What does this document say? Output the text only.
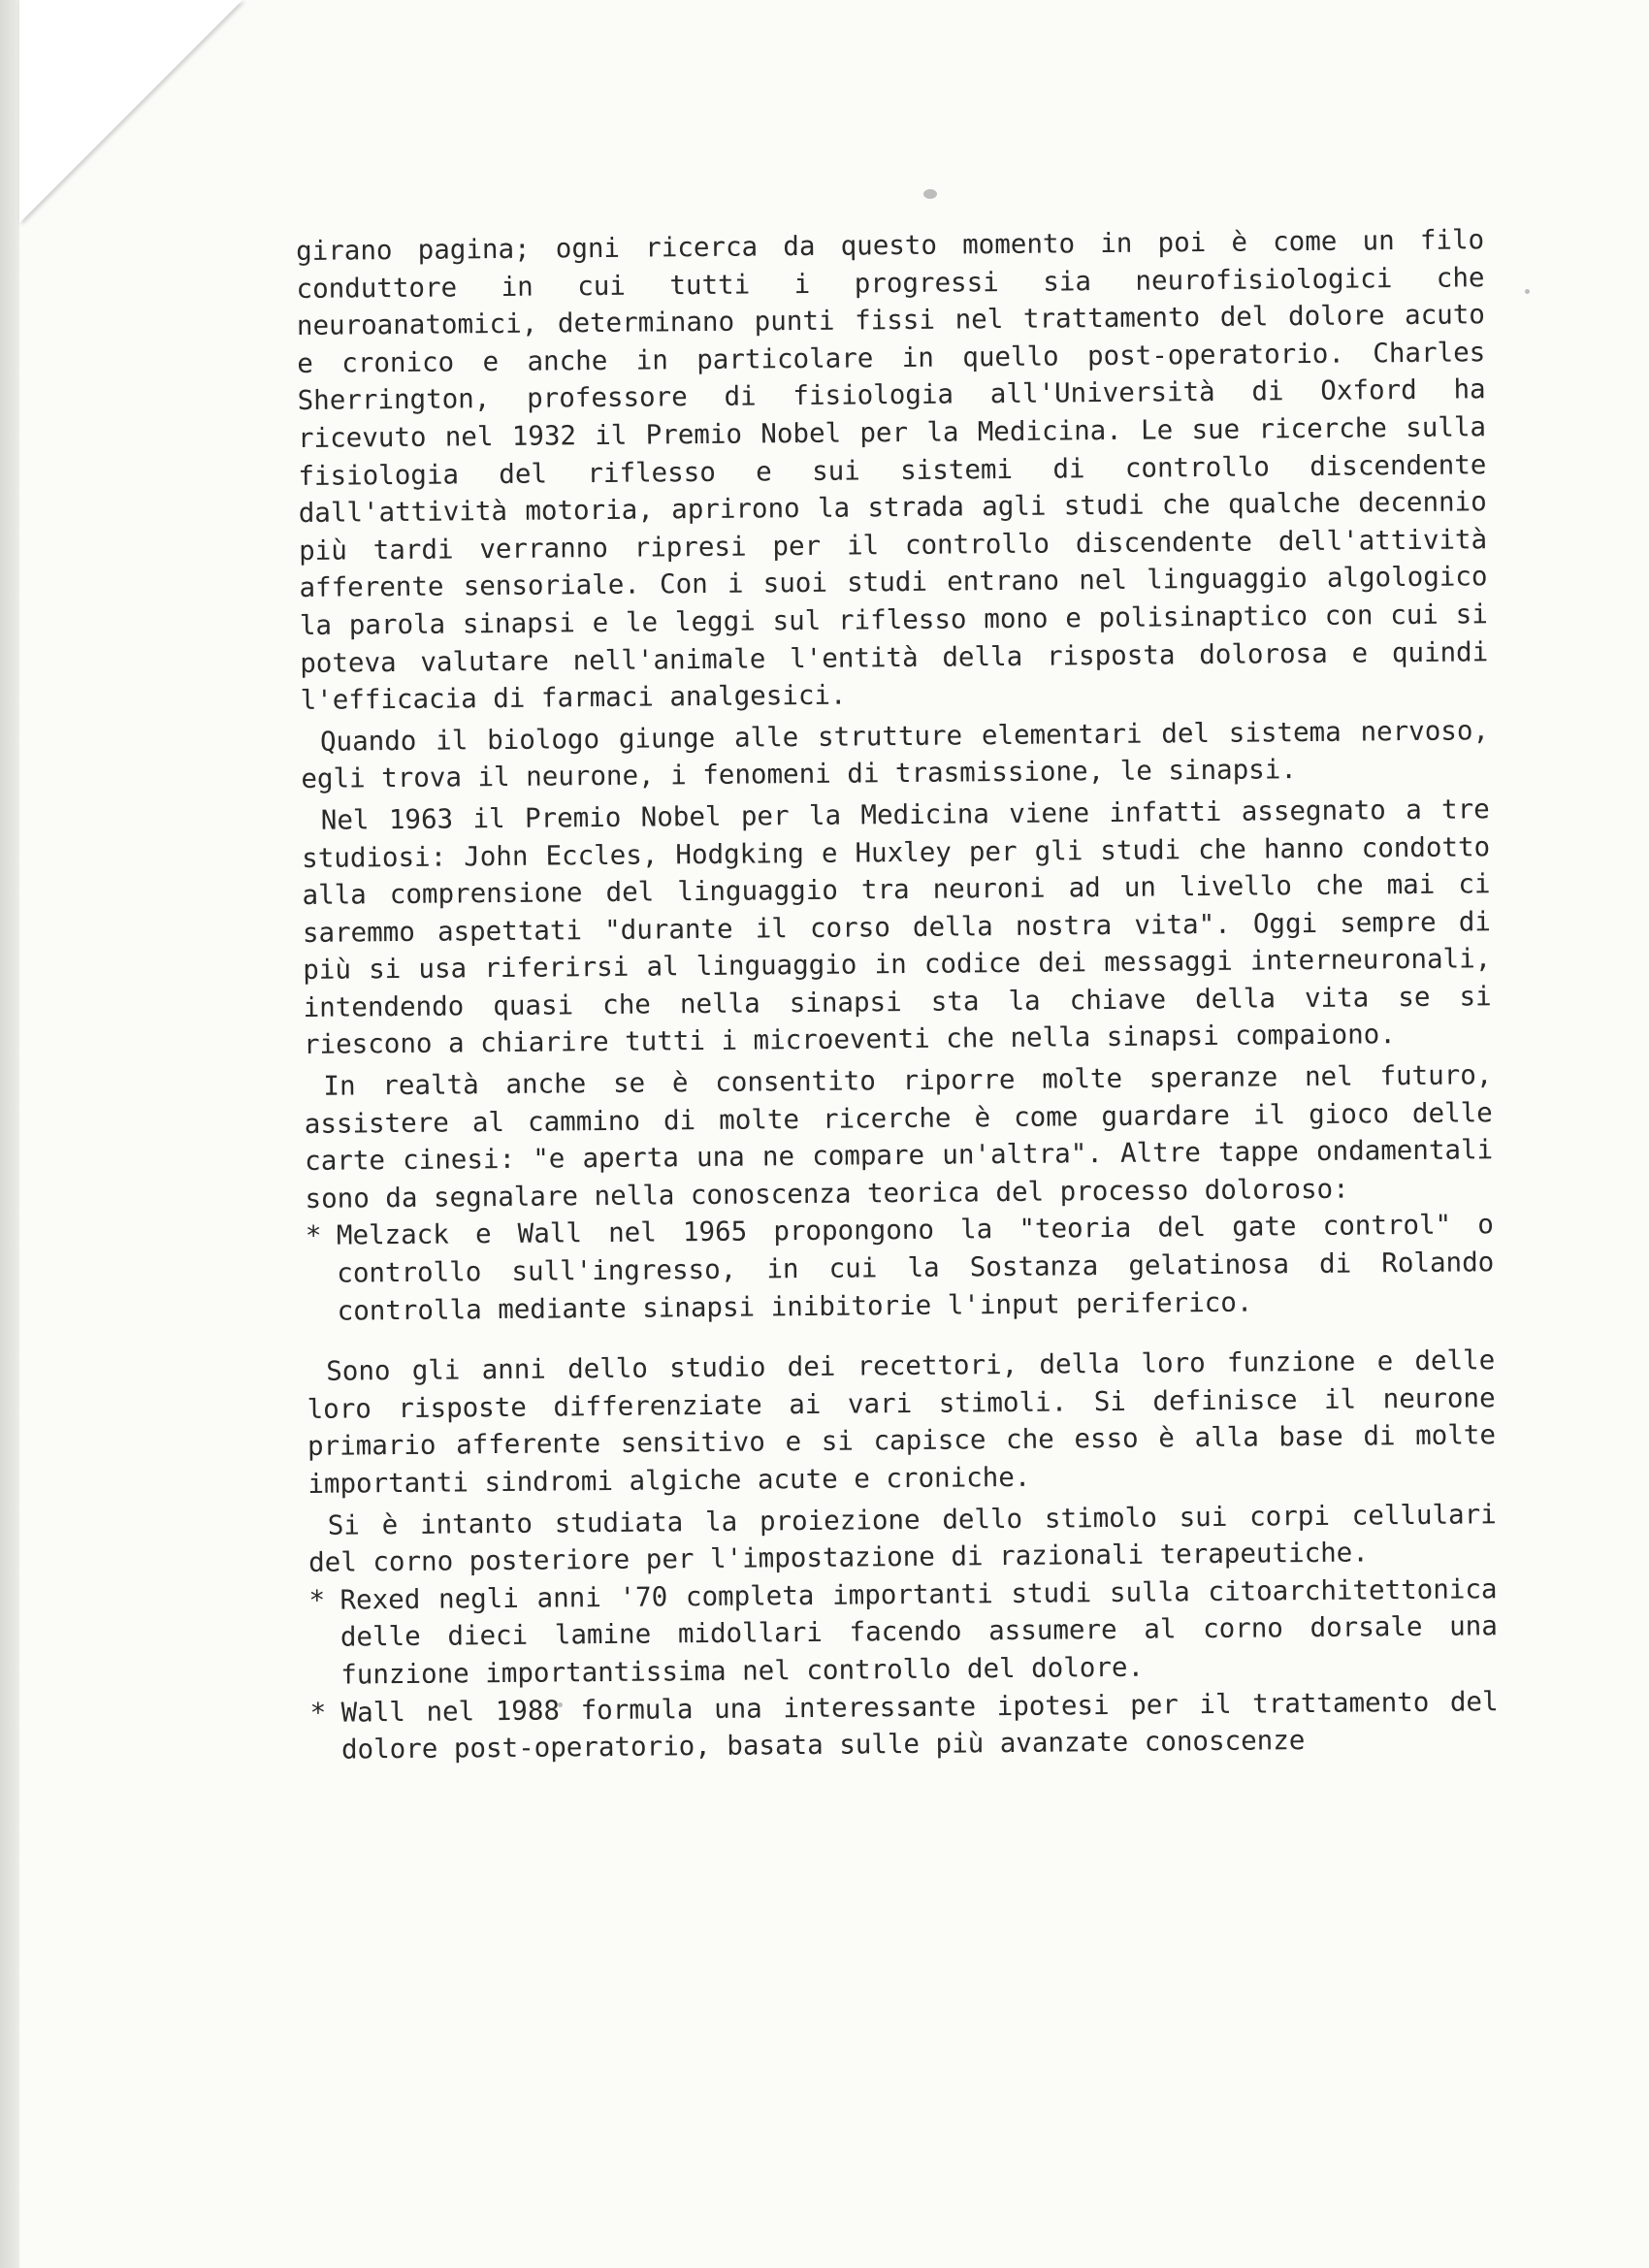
girano pagina; ogni ricerca da questo momento in poi è come un filo conduttore in cui tutti i progressi sia neurofisiologici che neuroanatomici, determinano punti fissi nel trattamento del dolore acuto e cronico e anche in particolare in quello post-operatorio. Charles Sherrington, professore di fisiologia all'Università di Oxford ha ricevuto nel 1932 il Premio Nobel per la Medicina. Le sue ricerche sulla fisiologia del riflesso e sui sistemi di controllo discendente dall'attività motoria, aprirono la strada agli studi che qualche decennio più tardi verranno ripresi per il controllo discendente dell'attività afferente sensoriale. Con i suoi studi entrano nel linguaggio algologico la parola sinapsi e le leggi sul riflesso mono e polisinaptico con cui si poteva valutare nell'animale l'entità della risposta dolorosa e quindi l'efficacia di farmaci analgesici.

Quando il biologo giunge alle strutture elementari del sistema nervoso, egli trova il neurone, i fenomeni di trasmissione, le sinapsi.

Nel 1963 il Premio Nobel per la Medicina viene infatti assegnato a tre studiosi: John Eccles, Hodgking e Huxley per gli studi che hanno condotto alla comprensione del linguaggio tra neuroni ad un livello che mai ci saremmo aspettati "durante il corso della nostra vita". Oggi sempre di più si usa riferirsi al linguaggio in codice dei messaggi interneuronali, intendendo quasi che nella sinapsi sta la chiave della vita se si riescono a chiarire tutti i microeventi che nella sinapsi compaiono.

In realtà anche se è consentito riporre molte speranze nel futuro, assistere al cammino di molte ricerche è come guardare il gioco delle carte cinesi: "e aperta una ne compare un'altra". Altre tappe ondamentali sono da segnalare nella conoscenza teorica del processo doloroso:

* Melzack e Wall nel 1965 propongono la "teoria del gate control" o controllo sull'ingresso, in cui la Sostanza gelatinosa di Rolando controlla mediante sinapsi inibitorie l'input periferico.

Sono gli anni dello studio dei recettori, della loro funzione e delle loro risposte differenziate ai vari stimoli. Si definisce il neurone primario afferente sensitivo e si capisce che esso è alla base di molte importanti sindromi algiche acute e croniche.

Si è intanto studiata la proiezione dello stimolo sui corpi cellulari del corno posteriore per l'impostazione di razionali terapeutiche.

* Rexed negli anni '70 completa importanti studi sulla citoarchitettonica delle dieci lamine midollari facendo assumere al corno dorsale una funzione importantissima nel controllo del dolore.
* Wall nel 1988 formula una interessante ipotesi per il trattamento del dolore post-operatorio, basata sulle più avanzate conoscenze
